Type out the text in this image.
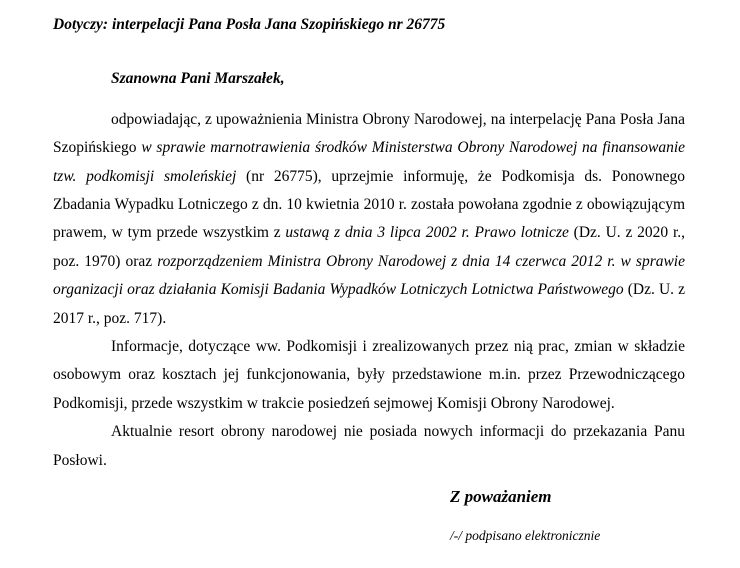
Dotyczy: interpelacji Pana Posła Jana Szopińskiego nr 26775
Szanowna Pani Marszałek,

odpowiadając, z upoważnienia Ministra Obrony Narodowej, na interpelację Pana Posła Jana Szopińskiego w sprawie marnotrawienia środków Ministerstwa Obrony Narodowej na finansowanie tzw. podkomisji smoleńskiej (nr 26775), uprzejmie informuję, że Podkomisja ds. Ponownego Zbadania Wypadku Lotniczego z dn. 10 kwietnia 2010 r. została powołana zgodnie z obowiązującym prawem, w tym przede wszystkim z ustawą z dnia 3 lipca 2002 r. Prawo lotnicze (Dz. U. z 2020 r., poz. 1970) oraz rozporządzeniem Ministra Obrony Narodowej z dnia 14 czerwca 2012 r. w sprawie organizacji oraz działania Komisji Badania Wypadków Lotniczych Lotnictwa Państwowego (Dz. U. z 2017 r., poz. 717).

Informacje, dotyczące ww. Podkomisji i zrealizowanych przez nią prac, zmian w składzie osobowym oraz kosztach jej funkcjonowania, były przedstawione m.in. przez Przewodniczącego Podkomisji, przede wszystkim w trakcie posiedzeń sejmowej Komisji Obrony Narodowej.

Aktualnie resort obrony narodowej nie posiada nowych informacji do przekazania Panu Posłowi.

Z poważaniem
/-/ podpisano elektronicznie
